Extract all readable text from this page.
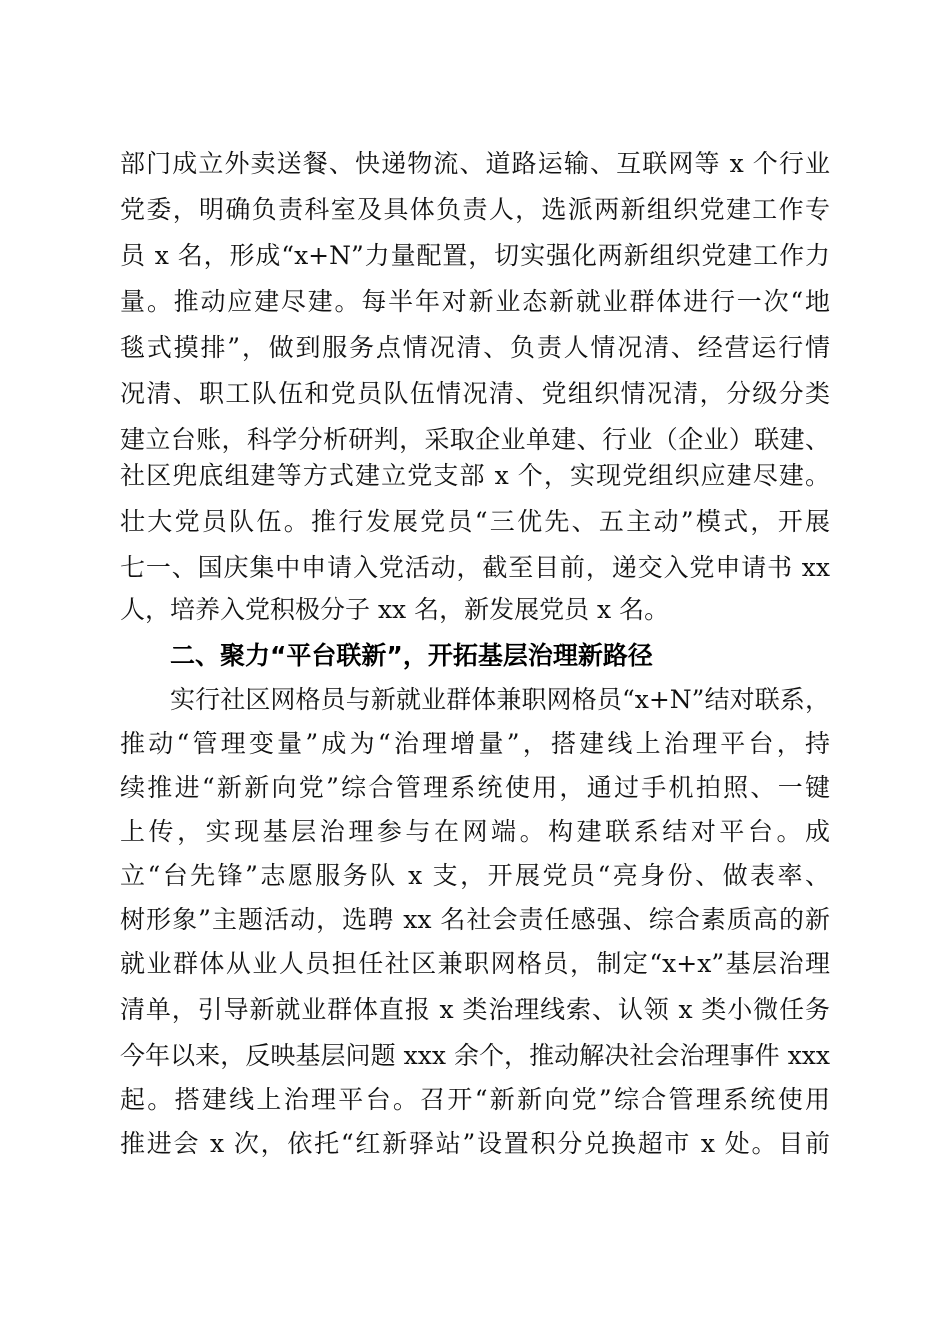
部门成立外卖送餐、快递物流、道路运输、互联网等 x 个行业
党委，明确负责科室及具体负责人，选派两新组织党建工作专
员 x 名，形成“x+N”力量配置，切实强化两新组织党建工作力
量。推动应建尽建。每半年对新业态新就业群体进行一次“地
毯式摸排”，做到服务点情况清、负责人情况清、经营运行情
况清、职工队伍和党员队伍情况清、党组织情况清，分级分类
建立台账，科学分析研判，采取企业单建、行业（企业）联建、
社区兜底组建等方式建立党支部 x 个，实现党组织应建尽建。
壮大党员队伍。推行发展党员“三优先、五主动”模式，开展
七一、国庆集中申请入党活动，截至目前，递交入党申请书 xx
人，培养入党积极分子 xx 名，新发展党员 x 名。
二、聚力“平台联新”，开拓基层治理新路径
实行社区网格员与新就业群体兼职网格员“x+N”结对联系，
推动“管理变量”成为“治理增量”，搭建线上治理平台，持
续推进“新新向党”综合管理系统使用，通过手机拍照、一键
上传，实现基层治理参与在网端。构建联系结对平台。成
立“台先锋”志愿服务队 x 支，开展党员“亮身份、做表率、
树形象”主题活动，选聘 xx 名社会责任感强、综合素质高的新
就业群体从业人员担任社区兼职网格员，制定“x+x”基层治理
清单，引导新就业群体直报 x 类治理线索、认领 x 类小微任务
今年以来，反映基层问题 xxx 余个，推动解决社会治理事件 xxx
起。搭建线上治理平台。召开“新新向党”综合管理系统使用
推进会 x 次，依托“红新驿站”设置积分兑换超市 x 处。目前
